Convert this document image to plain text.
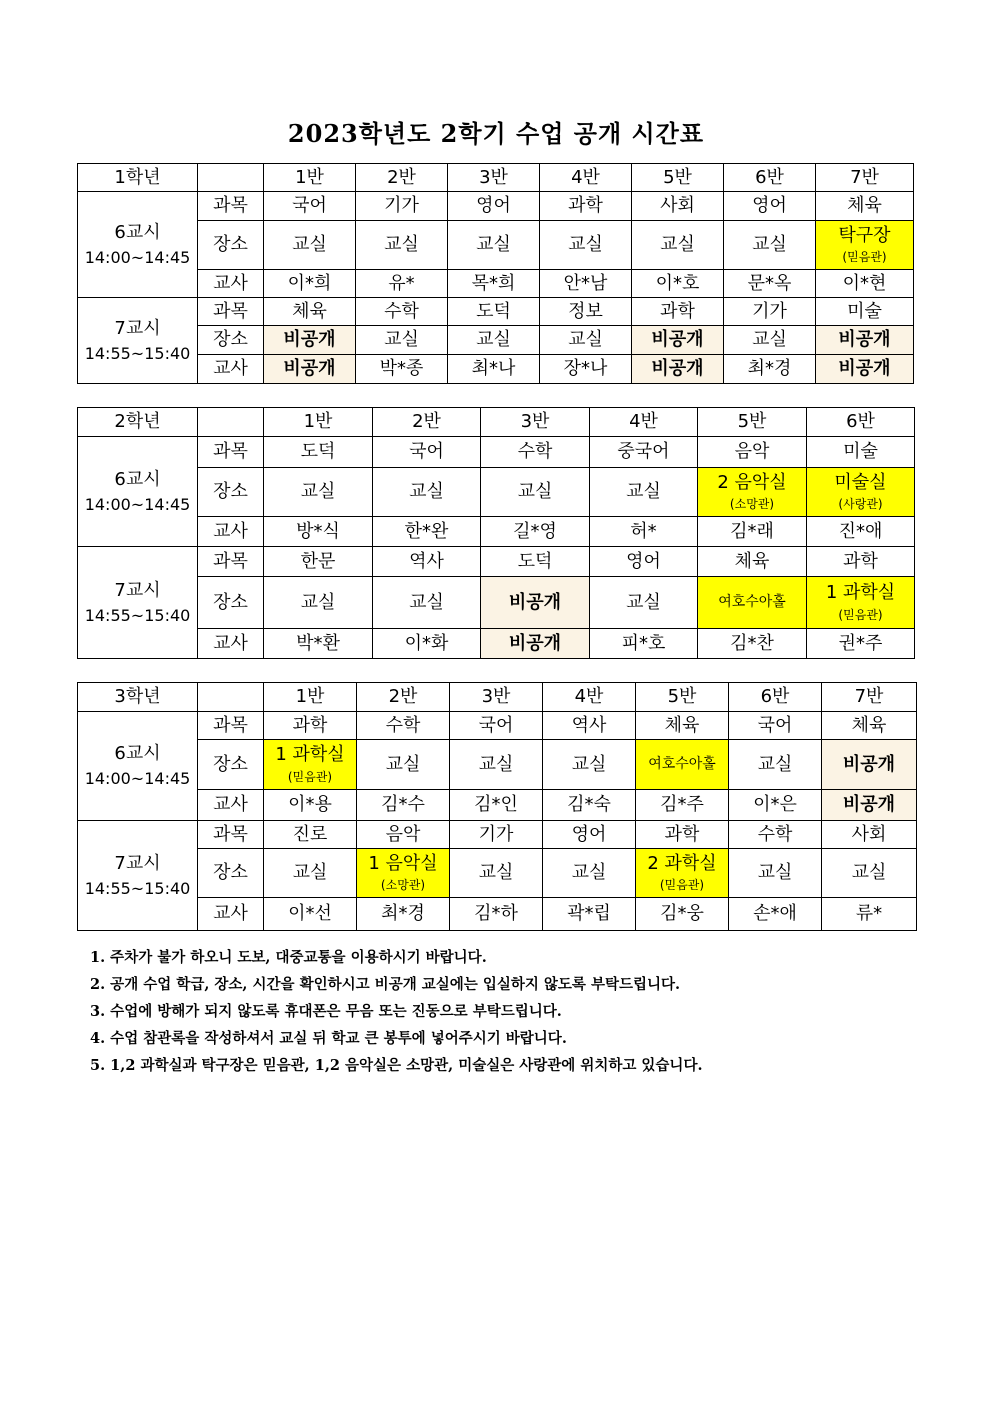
2023학년도 2학기 수업 공개 시간표
1학년		1반	2반	3반	4반	5반	6반	7반

6교시
14:00~14:45	과목	국어	기가	영어	과학	사회	영어	체육
	장소	교실	교실	교실	교실	교실	교실	탁구장
(믿음관)

	교사	이*희	유*	목*희	안*남	이*호	문*옥	이*현

7교시
14:55~15:40	과목	체육	수학	도덕	정보	과학	기가	미술
	장소	비공개	교실	교실	교실	비공개	교실	비공개
	교사	비공개	박*종	최*나	장*나	비공개	최*경	비공개
2학년		1반	2반	3반	4반	5반	6반

6교시
14:00~14:45	과목	도덕	국어	수학	중국어	음악	미술
	장소	교실	교실	교실	교실	2 음악실
(소망관)	미술실
(사랑관)

	교사	방*식	한*완	길*영	허*	김*래	진*애

7교시
14:55~15:40	과목	한문	역사	도덕	영어	체육	과학
	장소	교실	교실	비공개	교실	여호수아홀	1 과학실
(믿음관)

	교사	박*환	이*화	비공개	피*호	김*찬	권*주
3학년		1반	2반	3반	4반	5반	6반	7반

6교시
14:00~14:45	과목	과학	수학	국어	역사	체육	국어	체육
	장소	1 과학실
(믿음관)	교실	교실	교실	여호수아홀	교실	비공개
	교사	이*용	김*수	김*인	김*숙	김*주	이*은	비공개

7교시
14:55~15:40	과목	진로	음악	기가	영어	과학	수학	사회
	장소	교실	1 음악실
(소망관)	교실	교실	2 과학실
(믿음관)	교실	교실
	교사	이*선	최*경	김*하	곽*립	김*웅	손*애	류*
1. 주차가 불가 하오니 도보, 대중교통을 이용하시기 바랍니다.
2. 공개 수업 학급, 장소, 시간을 확인하시고 비공개 교실에는 입실하지 않도록 부탁드립니다.
3. 수업에 방해가 되지 않도록 휴대폰은 무음 또는 진동으로 부탁드립니다.
4. 수업 참관록을 작성하셔서 교실 뒤 학교 큰 봉투에 넣어주시기 바랍니다.
5. 1,2 과학실과 탁구장은 믿음관, 1,2 음악실은 소망관, 미술실은 사랑관에 위치하고 있습니다.
